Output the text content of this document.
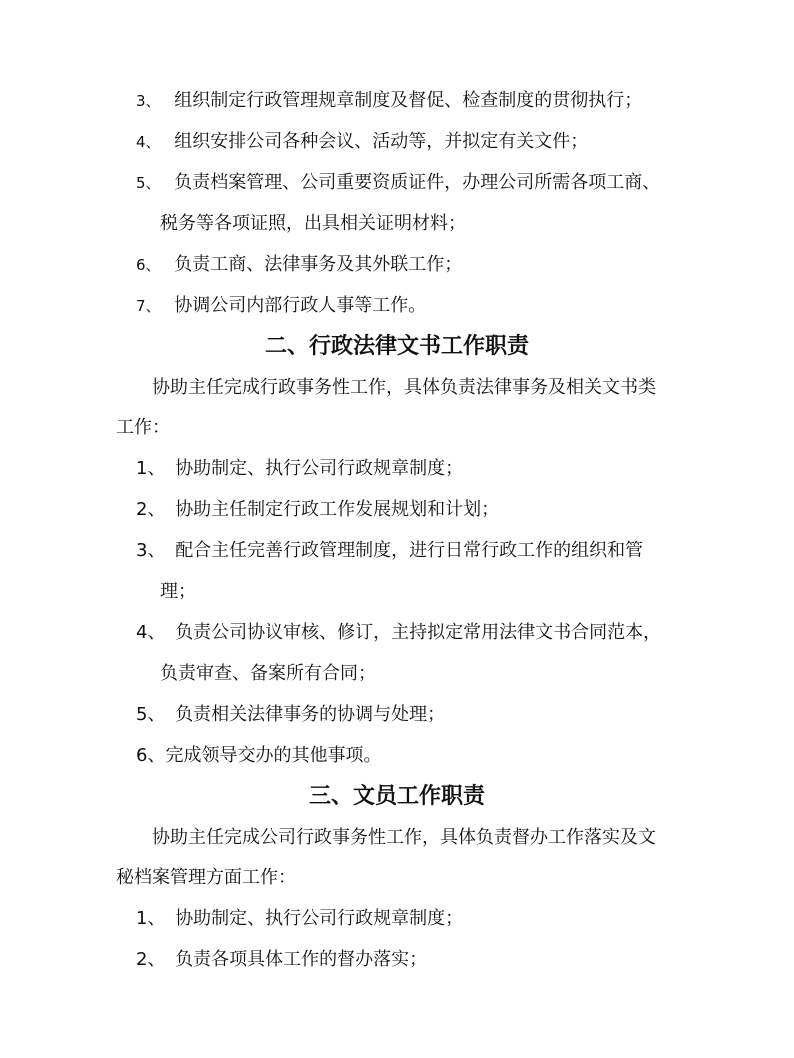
3、 组织制定行政管理规章制度及督促、检查制度的贯彻执行；
4、 组织安排公司各种会议、活动等，并拟定有关文件；
5、 负责档案管理、公司重要资质证件，办理公司所需各项工商、
税务等各项证照，出具相关证明材料；
6、 负责工商、法律事务及其外联工作；
7、 协调公司内部行政人事等工作。
二、行政法律文书工作职责
协助主任完成行政事务性工作，具体负责法律事务及相关文书类
工作：
1、 协助制定、执行公司行政规章制度；
2、 协助主任制定行政工作发展规划和计划；
3、 配合主任完善行政管理制度，进行日常行政工作的组织和管
理；
4、 负责公司协议审核、修订，主持拟定常用法律文书合同范本，
负责审查、备案所有合同；
5、 负责相关法律事务的协调与处理；
6、完成领导交办的其他事项。
三、文员工作职责
协助主任完成公司行政事务性工作，具体负责督办工作落实及文
秘档案管理方面工作：
1、 协助制定、执行公司行政规章制度；
2、 负责各项具体工作的督办落实；
